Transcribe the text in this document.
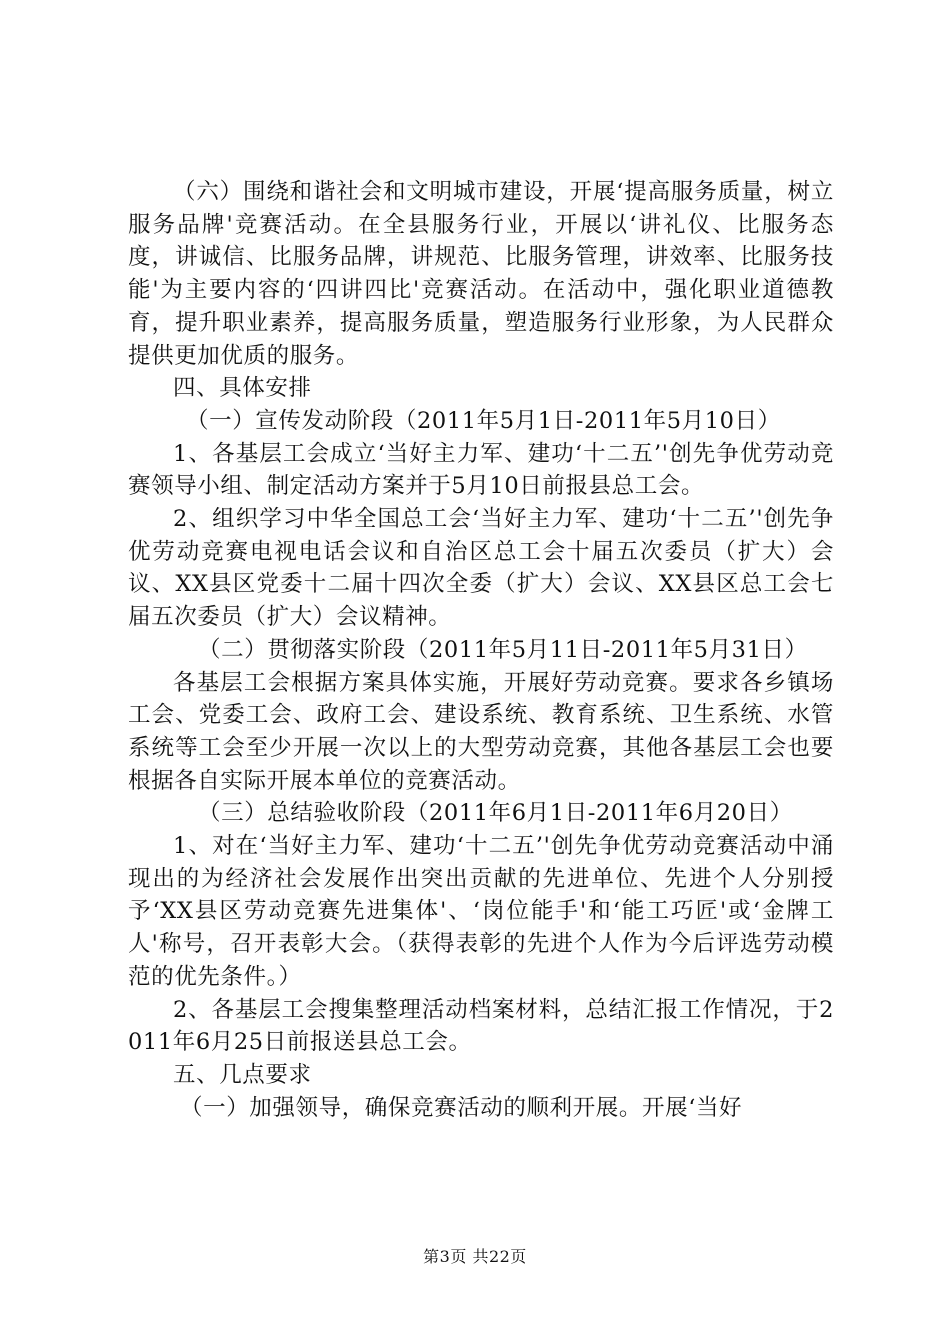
（六）围绕和谐社会和文明城市建设，开展‘提高服务质量，树立服务品牌'竞赛活动。在全县服务行业，开展以‘讲礼仪、比服务态度，讲诚信、比服务品牌，讲规范、比服务管理，讲效率、比服务技能'为主要内容的‘四讲四比'竞赛活动。在活动中，强化职业道德教育，提升职业素养，提高服务质量，塑造服务行业形象，为人民群众提供更加优质的服务。

四、具体安排

（一）宣传发动阶段（2011年5月1日-2011年5月10日）

1、各基层工会成立‘当好主力军、建功‘十二五’'创先争优劳动竞赛领导小组、制定活动方案并于5月10日前报县总工会。

2、组织学习中华全国总工会‘当好主力军、建功‘十二五’'创先争优劳动竞赛电视电话会议和自治区总工会十届五次委员（扩大）会议、XX县区党委十二届十四次全委（扩大）会议、XX县区总工会七届五次委员（扩大）会议精神。

（二）贯彻落实阶段（2011年5月11日-2011年5月31日）

各基层工会根据方案具体实施，开展好劳动竞赛。要求各乡镇场工会、党委工会、政府工会、建设系统、教育系统、卫生系统、水管系统等工会至少开展一次以上的大型劳动竞赛，其他各基层工会也要根据各自实际开展本单位的竞赛活动。

（三）总结验收阶段（2011年6月1日-2011年6月20日）

1、对在‘当好主力军、建功‘十二五’'创先争优劳动竞赛活动中涌现出的为经济社会发展作出突出贡献的先进单位、先进个人分别授予‘XX县区劳动竞赛先进集体'、‘岗位能手'和‘能工巧匠'或‘金牌工人'称号，召开表彰大会。（获得表彰的先进个人作为今后评选劳动模范的优先条件。）

2、各基层工会搜集整理活动档案材料，总结汇报工作情况，于2011年6月25日前报送县总工会。

五、几点要求

（一）加强领导，确保竞赛活动的顺利开展。开展‘当好

第3页 共22页
